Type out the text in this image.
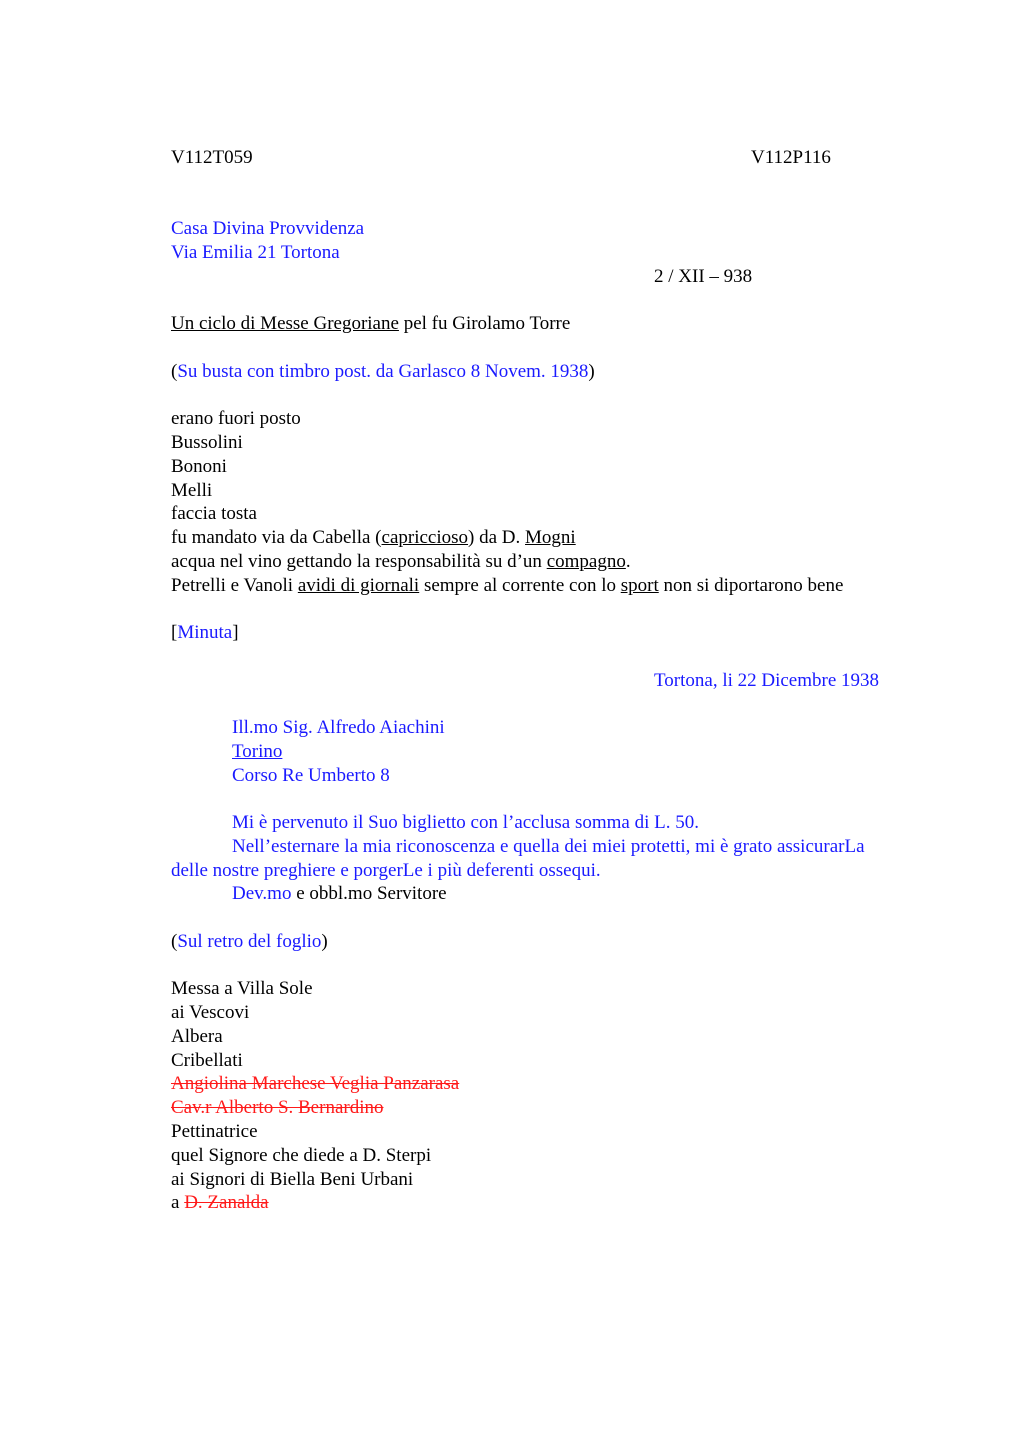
V112T059	V112P116
Casa Divina Provvidenza
Via Emilia 21 Tortona
2 / XII – 938
Un ciclo di Messe Gregoriane pel fu Girolamo Torre
(Su busta con timbro post. da Garlasco 8 Novem. 1938)
erano fuori posto
Bussolini
Bononi
Melli
faccia tosta
fu mandato via da Cabella (capriccioso) da D. Mogni
acqua nel vino gettando la responsabilità su d’un compagno.
Petrelli e Vanoli avidi di giornali sempre al corrente con lo sport non si diportarono bene
[Minuta]
Tortona, li 22 Dicembre 1938
Ill.mo Sig. Alfredo Aiachini
Torino
Corso Re Umberto 8
Mi è pervenuto il Suo biglietto con l’acclusa somma di L. 50.
Nell’esternare la mia riconoscenza e quella dei miei protetti, mi è grato assicurarLa
delle nostre preghiere e porgerLe i più deferenti ossequi.
Dev.mo e obbl.mo Servitore
(Sul retro del foglio)
Messa a Villa Sole
ai Vescovi
Albera
Cribellati
Angiolina Marchese Veglia Panzarasa
Cav.r Alberto S. Bernardino
Pettinatrice
quel Signore che diede a D. Sterpi
ai Signori di Biella Beni Urbani
a D. Zanalda
